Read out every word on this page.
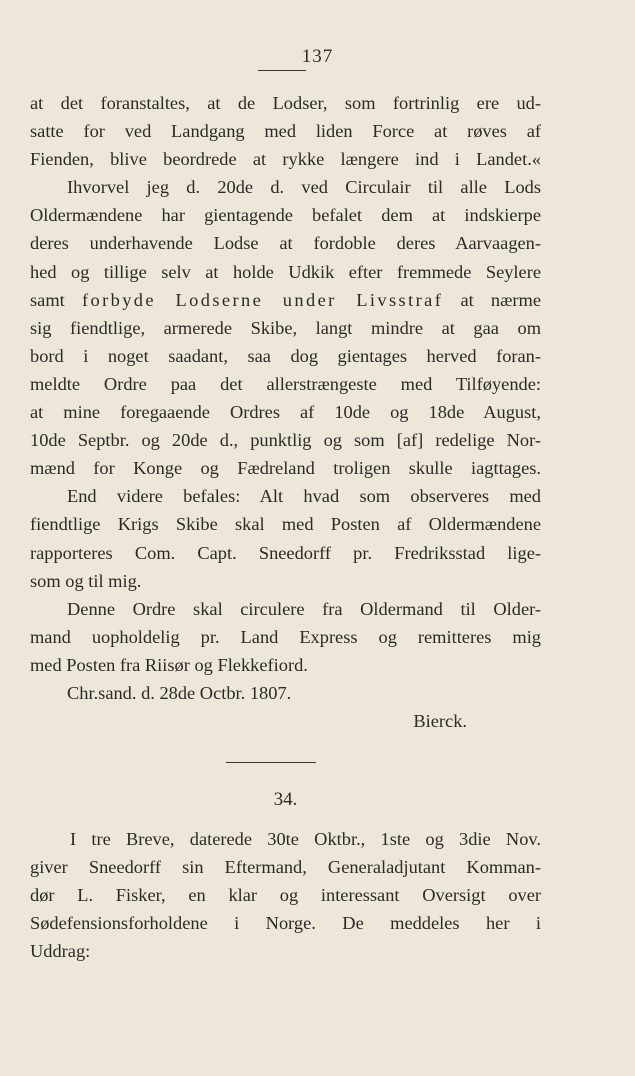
137
at det foranstaltes, at de Lodser, som fortrinlig ere ud-
satte for ved Landgang med liden Force at røves af
Fienden, blive beordrede at rykke længere ind i Landet.«
Ihvorvel jeg d. 20de d. ved Circulair til alle Lods
Oldermændene har gientagende befalet dem at indskierpe
deres underhavende Lodse at fordoble deres Aarvaagen-
hed og tillige selv at holde Udkik efter fremmede Seylere
samt forbyde Lodserne under Livsstraf at nærme
sig fiendtlige, armerede Skibe, langt mindre at gaa om
bord i noget saadant, saa dog gientages herved foran-
meldte Ordre paa det allerstrængeste med Tilføyende:
at mine foregaaende Ordres af 10de og 18de August,
10de Septbr. og 20de d., punktlig og som [af] redelige Nor-
mænd for Konge og Fædreland troligen skulle iagttages.
End videre befales: Alt hvad som observeres med
fiendtlige Krigs Skibe skal med Posten af Oldermændene
rapporteres Com. Capt. Sneedorff pr. Fredriksstad lige-
som og til mig.
Denne Ordre skal circulere fra Oldermand til Older-
mand uopholdelig pr. Land Express og remitteres mig
med Posten fra Riisør og Flekkefiord.
Chr.sand. d. 28de Octbr. 1807.
Bierck.
34.
I tre Breve, daterede 30te Oktbr., 1ste og 3die Nov.
giver Sneedorff sin Eftermand, Generaladjutant Komman-
dør L. Fisker, en klar og interessant Oversigt over
Sødefensionsforholdene i Norge. De meddeles her i
Uddrag:
